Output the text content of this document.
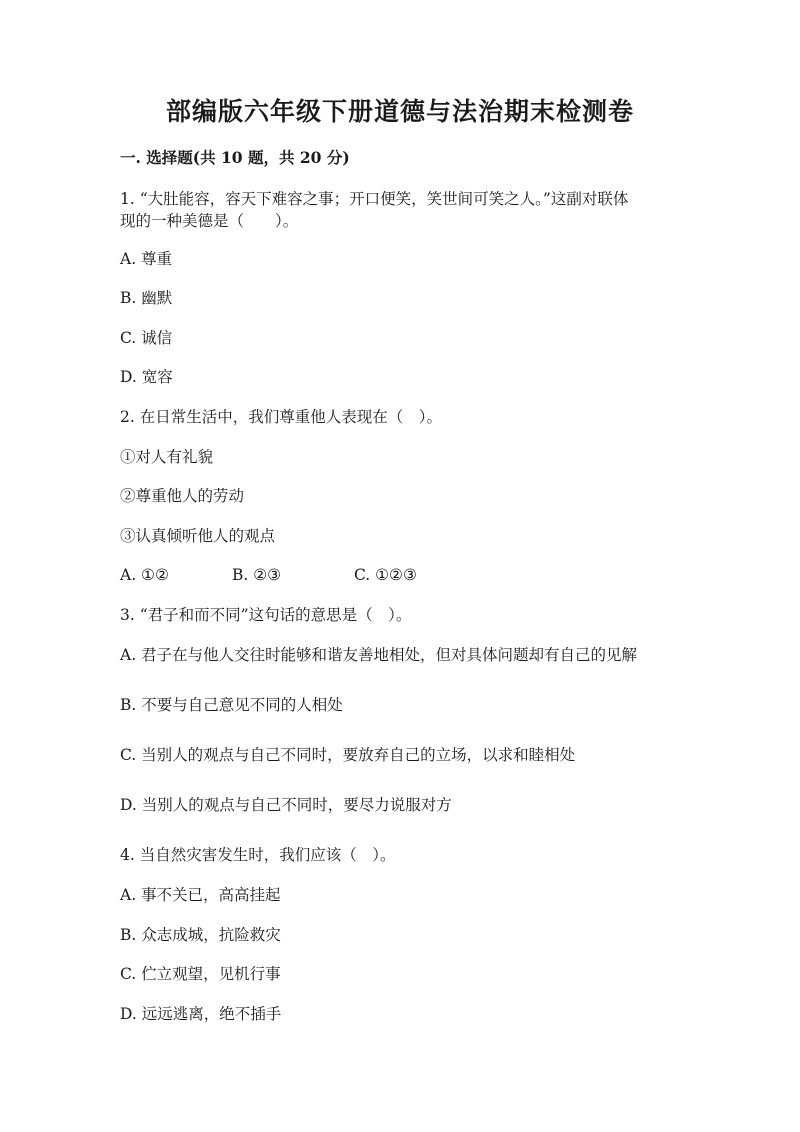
部编版六年级下册道德与法治期末检测卷
一. 选择题(共 10 题，共 20 分)
1. “大肚能容，容天下难容之事；开口便笑，笑世间可笑之人。”这副对联体
现的一种美德是（　　）。
A. 尊重
B. 幽默
C. 诚信
D. 宽容
2. 在日常生活中，我们尊重他人表现在（　）。
①对人有礼貌
②尊重他人的劳动
③认真倾听他人的观点
A. ①②	B. ②③	C. ①②③
3. “君子和而不同”这句话的意思是（　）。
A. 君子在与他人交往时能够和谐友善地相处，但对具体问题却有自己的见解
B. 不要与自己意见不同的人相处
C. 当别人的观点与自己不同时，要放弃自己的立场，以求和睦相处
D. 当别人的观点与自己不同时，要尽力说服对方
4. 当自然灾害发生时，我们应该（　）。
A. 事不关已，高高挂起
B. 众志成城，抗险救灾
C. 伫立观望，见机行事
D. 远远逃离，绝不插手
